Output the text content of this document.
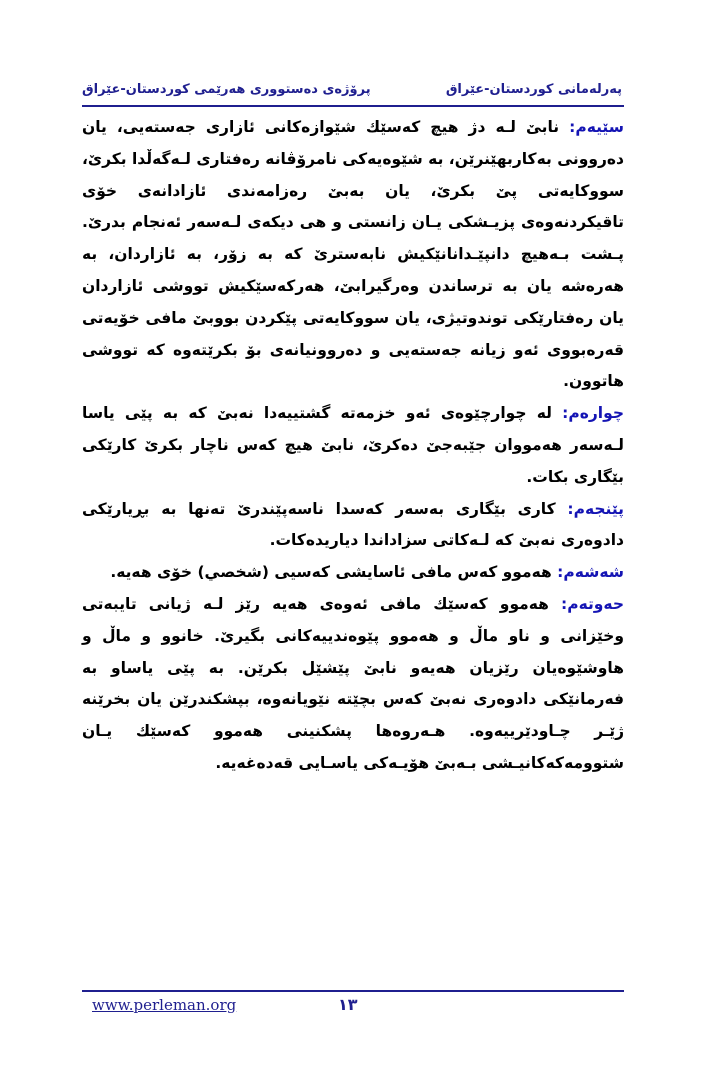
پەرلەمانی کوردستان-عێراق
پرۆژەی دەستووری هەرێمی کوردستان-عێراق

سێیەم: نابێ لـه دژ هیچ کەسێك شێوازەکانی ئازاری جەستەیی، یان دەروونی بەکاربهێنرێن، بە شێوەیەکی نامرۆڤانە رەفتاری لـەگەڵدا بکرێ، سووکایەتی پێ بکرێ، یان بەبێ رەزامەندی ئازادانەی خۆی تاقیکردنەوەی پزیـشکی یـان زانستی و هی دیکەی لـەسەر ئەنجام بدرێ. پـشت بـەهیچ دانپێـدانانێکیش نابەسترێ کە بە زۆر، بە ئازاردان، بە هەرەشە یان بە ترساندن وەرگیرابێ، هەرکەسێکیش تووشی ئازاردان یان رەفتارێکی توندوتیژی، یان سووکایەتی پێکردن بووبێ مافی خۆیەتی قەرەبووی ئەو زیانە جەستەیی و دەروونیانەی بۆ بکرێتەوە کە تووشی هاتوون.

چوارەم: لە چوارچێوەی ئەو خزمەتە گشتییەدا نەبێ کە بە پێی یاسا لـەسەر هەمووان جێبەجێ دەکرێ، نابێ هیچ کەس ناچار بکرێ کارێکی بێگاری بکات.

پێنجەم: کاری بێگاری بەسەر کەسدا ناسەپێندرێ تەنها بە بڕیارێکی دادوەری نەبێ کە لـەکاتی سزاداندا دیاریدەکات.

شەشەم: هەموو کەس مافی ئاسایشی کەسیی (شخصي) خۆی هەیە.

حەوتەم: هەموو کەسێك مافی ئەوەی هەیە رێز لـە ژیانی تایبەتی وخێزانی و ناو ماڵ و هەموو پێوەندییەکانی بگیرێ. خانوو و ماڵ و هاوشێوەیان رێزیان هەیەو نابێ پێشێل بکرێن. بە پێی یاساو بە فەرمانێکی دادوەری نەبێ کەس بچێتە نێویانەوە، بپشکندرێن یان بخرێنە ژێـر چـاودێرییەوە. هـەروەها پشکنینی هەموو کەسێك یـان شتوومەکەکانیـشی بـەبێ هۆیـەکی یاسـایی قەدەغەیە.

www.perleman.org	١٣
